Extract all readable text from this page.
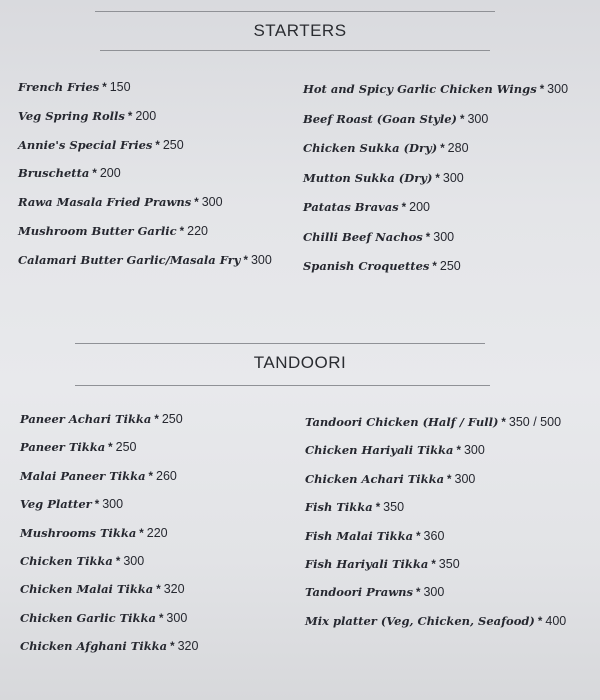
STARTERS
French Fries * 150
Veg Spring Rolls * 200
Annie's Special Fries * 250
Bruschetta * 200
Rawa Masala Fried Prawns * 300
Mushroom Butter Garlic * 220
Calamari Butter Garlic/Masala Fry * 300
Hot and Spicy Garlic Chicken Wings * 300
Beef Roast (Goan Style) * 300
Chicken Sukka (Dry) * 280
Mutton Sukka (Dry) * 300
Patatas Bravas * 200
Chilli Beef Nachos * 300
Spanish Croquettes * 250
TANDOORI
Paneer Achari Tikka * 250
Paneer Tikka * 250
Malai Paneer Tikka * 260
Veg Platter * 300
Mushrooms Tikka * 220
Chicken Tikka * 300
Chicken Malai Tikka * 320
Chicken Garlic Tikka * 300
Chicken Afghani Tikka * 320
Tandoori Chicken (Half / Full) * 350 / 500
Chicken Hariyali Tikka * 300
Chicken Achari Tikka * 300
Fish Tikka * 350
Fish Malai Tikka * 360
Fish Hariyali Tikka * 350
Tandoori Prawns * 300
Mix platter (Veg, Chicken, Seafood) * 400
